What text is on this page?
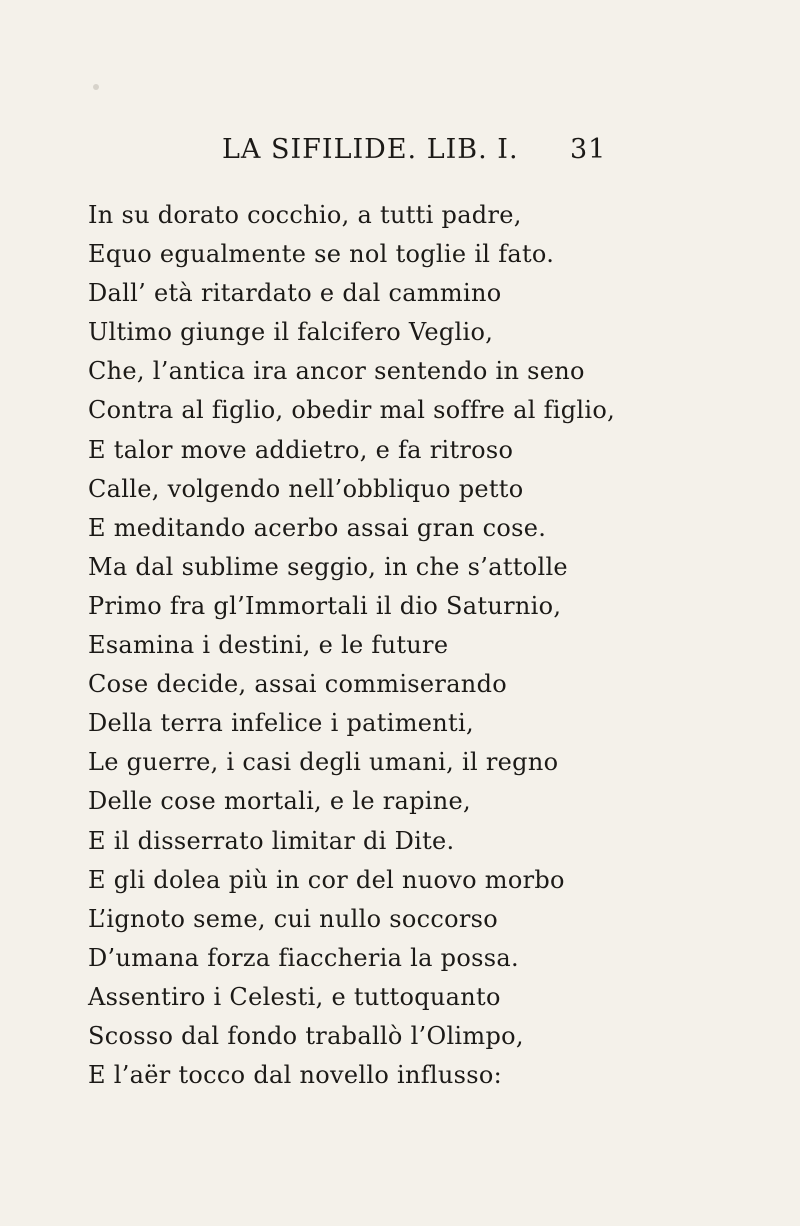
LA SIFILIDE. LIB. I. 31
In su dorato cocchio, a tutti padre,
Equo egualmente se nol toglie il fato.
Dall’ età ritardato e dal cammino
Ultimo giunge il falcifero Veglio,
Che, l’antica ira ancor sentendo in seno
Contra al figlio, obedir mal soffre al figlio,
E talor move addietro, e fa ritroso
Calle, volgendo nell’obbliquo petto
E meditando acerbo assai gran cose.
Ma dal sublime seggio, in che s’attolle
Primo fra gl’Immortali il dio Saturnio,
Esamina i destini, e le future
Cose decide, assai commiserando
Della terra infelice i patimenti,
Le guerre, i casi degli umani, il regno
Delle cose mortali, e le rapine,
E il disserrato limitar di Dite.
E gli dolea più in cor del nuovo morbo
L’ignoto seme, cui nullo soccorso
D’umana forza fiaccheria la possa.
Assentiro i Celesti, e tuttoquanto
Scosso dal fondo traballò l’Olimpo,
E l’aër tocco dal novello influsso:
